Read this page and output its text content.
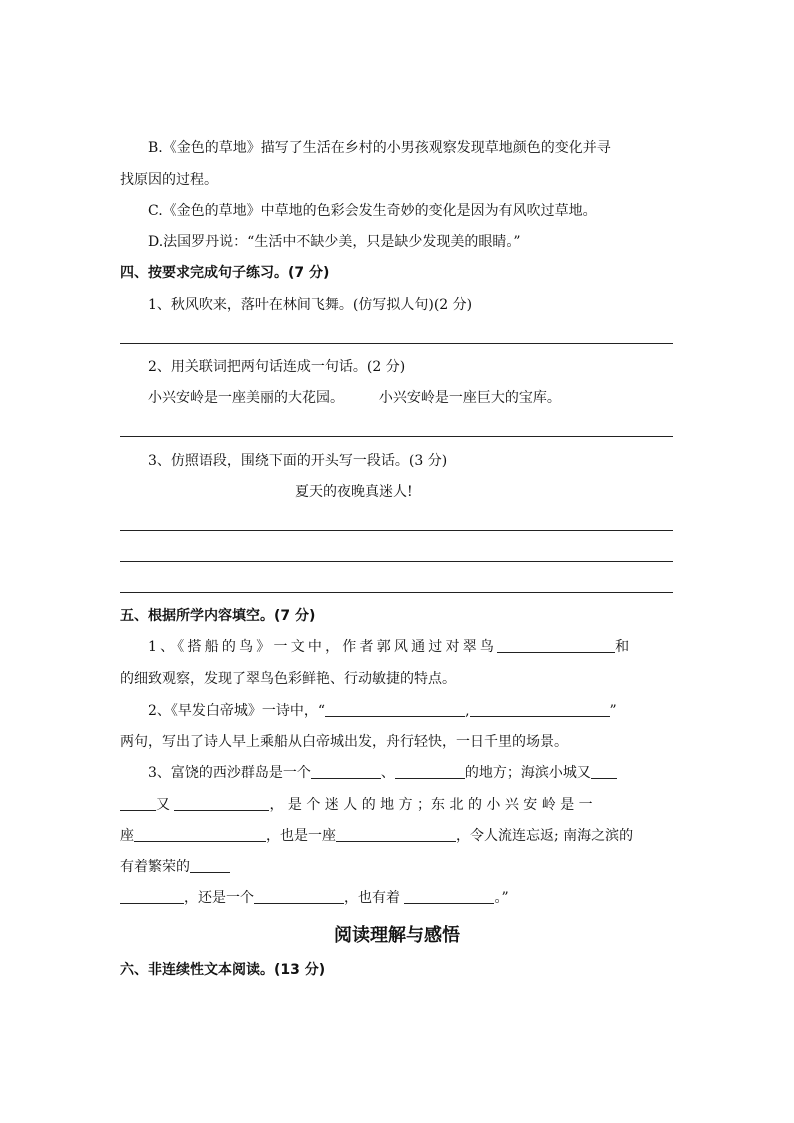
B.《金色的草地》描写了生活在乡村的小男孩观察发现草地颜色的变化并寻
找原因的过程。
C.《金色的草地》中草地的色彩会发生奇妙的变化是因为有风吹过草地。
D.法国罗丹说：“生活中不缺少美，只是缺少发现美的眼睛。”
四、按要求完成句子练习。(7 分)
1、秋风吹来，落叶在林间飞舞。(仿写拟人句)(2 分)
2、用关联词把两句话连成一句话。(2 分)
小兴安岭是一座美丽的大花园。 小兴安岭是一座巨大的宝库。
3、仿照语段，围绕下面的开头写一段话。(3 分)
夏天的夜晚真迷人!
五、根据所学内容填空。(7 分)
1、《搭船的鸟》一文中，作者郭风通过对翠鸟	和
的细致观察，发现了翠鸟色彩鲜艳、行动敏捷的特点。
2、《早发白帝城》一诗中，“	,	”
两句，写出了诗人早上乘船从白帝城出发，舟行轻快，一日千里的场景。
3、富饶的西沙群岛是一个	、	的地方；海滨小城又
又	， 是 个 迷 人 的 地 方 ；东 北 的 小 兴 安 岭 是 一
座	，也是一座	，令人流连忘返; 南海之滨的
有着繁荣的
，还是一个	，也有着	。”
阅读理解与感悟
六、非连续性文本阅读。(13 分)
